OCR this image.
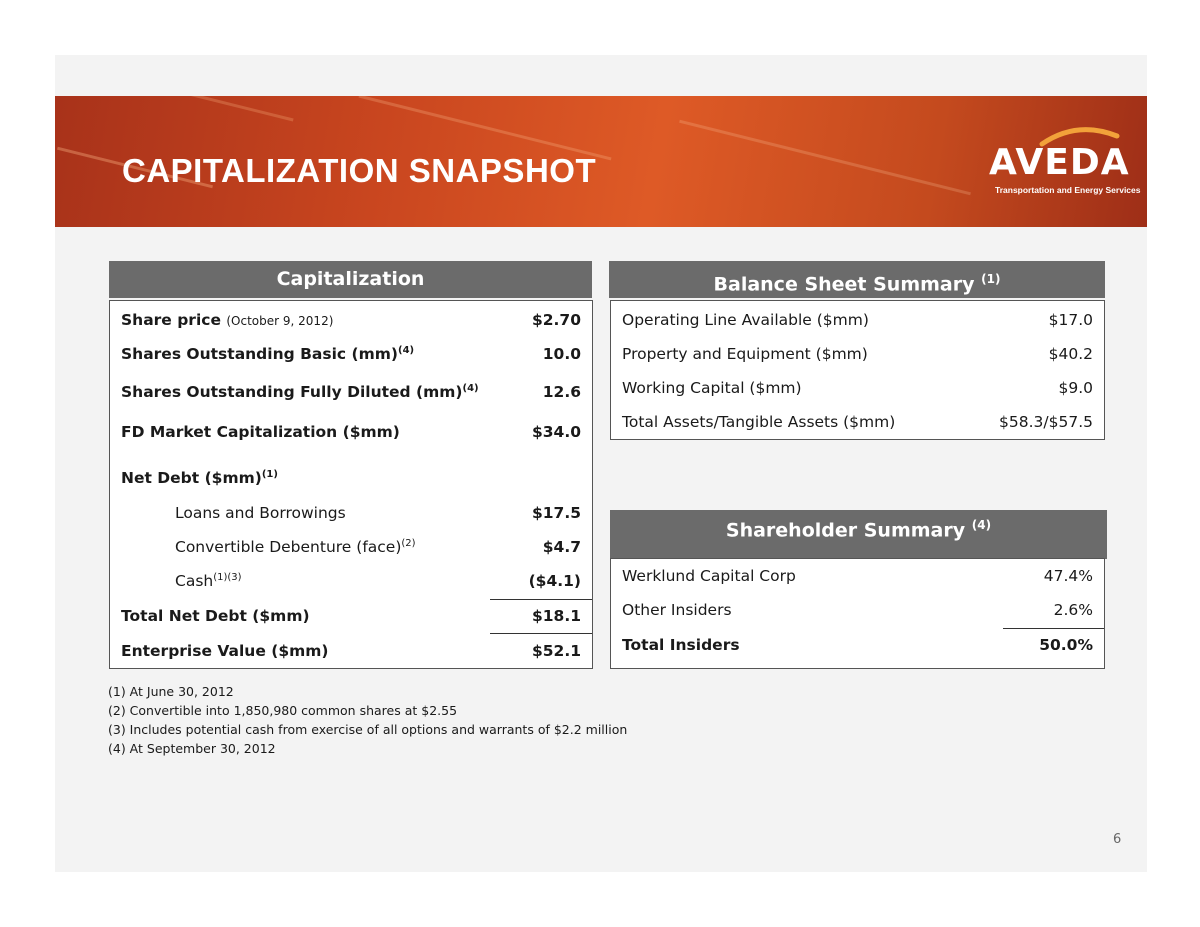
CAPITALIZATION SNAPSHOT	AVEDA
Transportation and Energy Services
Capitalization
Share price (October 9, 2012)	$2.70
Shares Outstanding Basic (mm)$^{(4)}$	10.0
Shares Outstanding Fully Diluted (mm)$^{(4)}$	12.6
FD Market Capitalization ($mm)	$34.0
Net Debt ($mm)$^{(1)}$
Loans and Borrowings	$17.5
Convertible Debenture (face)$^{(2)}$	$4.7
Cash$^{(1)(3)}$	($4.1)
Total Net Debt ($mm)	$18.1
Enterprise Value ($mm)	$52.1
Balance Sheet Summary $^{(1)}$
Operating Line Available ($mm)	$17.0
Property and Equipment ($mm)	$40.2
Working Capital ($mm)	$9.0
Total Assets/Tangible Assets ($mm)	$58.3/$57.5
Shareholder Summary $^{(4)}$
Werklund Capital Corp	47.4%
Other Insiders	2.6%
Total Insiders	50.0%
(1) At June 30, 2012
(2) Convertible into 1,850,980 common shares at $2.55
(3) Includes potential cash from exercise of all options and warrants of $2.2 million
(4) At September 30, 2012
6
